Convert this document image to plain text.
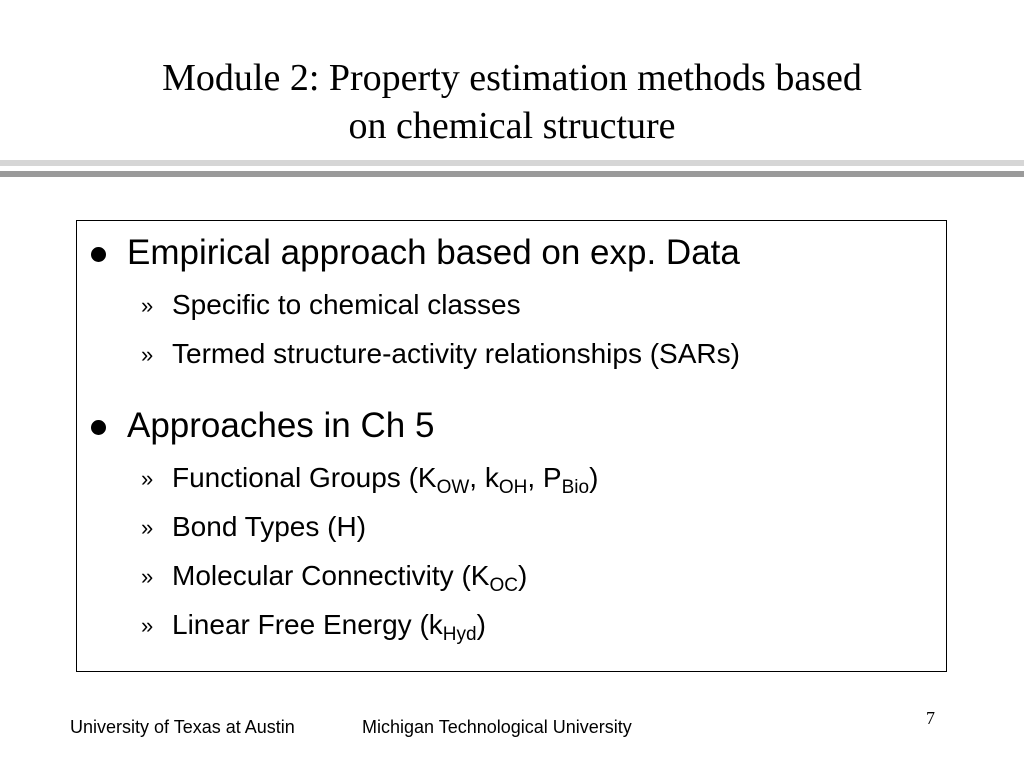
Module 2: Property estimation methods based
on chemical structure
Empirical approach based on exp. Data
» Specific to chemical classes
» Termed structure-activity relationships (SARs)
Approaches in Ch 5
» Functional Groups ($K_{OW}$, $k_{OH}$, $P_{Bio}$)
» Bond Types (H)
» Molecular Connectivity $(K_{OC})$
» Linear Free Energy $(k_{Hyd})$
University of Texas at Austin	Michigan Technological University	7
